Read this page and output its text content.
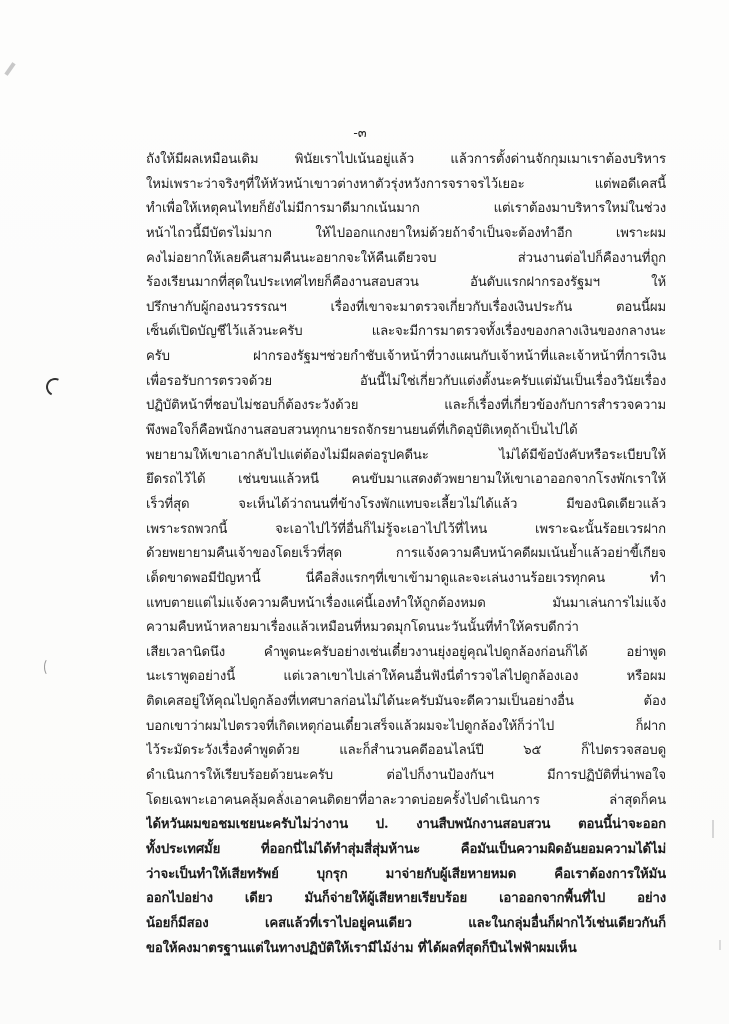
-๓
ถังให้มีผลเหมือนเดิม พินัยเราไปเน้นอยู่แล้ว แล้วการตั้งด่านจักกุมเมาเราต้องบริหาร
ใหม่เพราะว่าจริงๆที่ให้หัวหน้าเขาวต่างหาตัวรุ่งหวังการจราจรไว้เยอะ แต่พอดีเคสนี้
ทำเพื่อให้เหตุคนไทยก็ยังไม่มีการมาดีมากเน้นมาก แต่เราต้องมาบริหารใหม่ในช่วง
หน้าไถวนี้มีบัตรไม่มาก ให้ไปออกแกงยาใหม่ด้วยถ้าจำเป็นจะต้องทำอีก เพราะผม
คงไม่อยากให้เลยคืนสามคืนนะอยากจะให้คืนเดียวจบ ส่วนงานต่อไปก็คืองานที่ถูก
ร้องเรียนมากที่สุดในประเทศไทยก็คืองานสอบสวน อันดับแรกฝากรองรัฐมฯ ให้
ปรึกษากับผู้กองนวรรรณฯ เรื่องที่เขาจะมาตรวจเกี่ยวกับเรื่องเงินประกัน ตอนนี้ผม
เซ็นต์เปิดบัญชีไว้แล้วนะครับ และจะมีการมาตรวจทั้งเรื่องของกลางเงินของกลางนะ
ครับ ฝากรองรัฐมฯช่วยกำชับเจ้าหน้าที่วางแผนกับเจ้าหน้าที่และเจ้าหน้าที่การเงิน
เพื่อรอรับการตรวจด้วย อันนี้ไม่ใช่เกี่ยวกับแต่งตั้งนะครับแต่มันเป็นเรื่องวินัยเรื่อง
ปฏิบัติหน้าที่ชอบไม่ชอบก็ต้องระวังด้วย และก็เรื่องที่เกี่ยวข้องกับการสำรวจความ
พึงพอใจก็คือพนักงานสอบสวนทุกนายรถจักรยานยนต์ที่เกิดอุบัติเหตุถ้าเป็นไปได้
พยายามให้เขาเอากลับไปแต่ต้องไม่มีผลต่อรูปคดีนะ ไม่ได้มีข้อบังคับหรือระเบียบให้
ยึดรถไว้ได้ เช่นขนแล้วหนี คนขับมาแสดงตัวพยายามให้เขาเอาออกจากโรงพักเราให้
เร็วที่สุด จะเห็นได้ว่าถนนที่ข้างโรงพักแทบจะเลี้ยวไม่ได้แล้ว มีของนิดเดียวแล้ว
เพราะรถพวกนี้ จะเอาไปไว้ที่อื่นก็ไม่รู้จะเอาไปไว้ที่ไหน เพราะฉะนั้นร้อยเวรฝาก
ด้วยพยายามคืนเจ้าของโดยเร็วที่สุด การแจ้งความคืบหน้าคดีผมเน้นย้ำแล้วอย่าขี้เกียจ
เด็ดขาดพอมีปัญหานี้ นี่คือสิ่งแรกๆที่เขาเข้ามาดูและจะเล่นงานร้อยเวรทุกคน ทำ
แทบตายแต่ไม่แจ้งความคืบหน้าเรื่องแค่นี้เองทำให้ถูกต้องหมด มันมาเล่นการไม่แจ้ง
ความคืบหน้าหลายมาเรื่องแล้วเหมือนที่หมวดมุกโดนนะวันนั้นที่ทำให้ครบดีกว่า
เสียเวลานิดนึง คำพูดนะครับอย่างเช่นเดี๋ยวงานยุ่งอยู่คุณไปดูกล้องก่อนก็ได้ อย่าพูด
นะเราพูดอย่างนี้ แต่เวลาเขาไปเล่าให้คนอื่นฟังนี่ตำรวจไล่ไปดูกล้องเอง หรือผม
ติดเคสอยู่ให้คุณไปดูกล้องที่เทศบาลก่อนไม่ได้นะครับมันจะดีความเป็นอย่างอื่น ต้อง
บอกเขาว่าผมไปตรวจที่เกิดเหตุก่อนเดี๋ยวเสร็จแล้วผมจะไปดูกล้องให้ก็ว่าไป ก็ฝาก
ไว้ระมัดระวังเรื่องคำพูดด้วย และก็สำนวนคดีออนไลน์ปี ๖๕ ก็ไปตรวจสอบดู
ดำเนินการให้เรียบร้อยด้วยนะครับ ต่อไปก็งานป้องกันฯ มีการปฏิบัติที่น่าพอใจ
โดยเฉพาะเอาคนคลุ้มคลั่งเอาคนติดยาที่อาละวาดบ่อยครั้งไปดำเนินการ ล่าสุดก็คน
ได้หวันผมขอชมเชยนะครับไม่ว่างาน ป. งานสืบพนักงานสอบสวน ตอนนี้น่าจะออก
ทั้งประเทศมั้ย ที่ออกนี่ไม่ได้ทำสุ่มสี่สุ่มห้านะ คือมันเป็นความผิดอันยอมความได้ไม่
ว่าจะเป็นทำให้เสียทรัพย์ บุกรุก มาจ่ายกับผู้เสียหายหมด คือเราต้องการให้มัน
ออกไปอย่าง เดียว มันก็จ่ายให้ผู้เสียหายเรียบร้อย เอาออกจากพื้นที่ไป อย่าง
น้อยก็มีสอง เคสแล้วที่เราไปอยู่คนเดียว และในกลุ่มอื่นก็ฝากไว้เช่นเดียวกันก็
ขอให้คงมาตรฐานแต่ในทางปฏิบัติให้เรามีไม้ง่าม ที่ได้ผลที่สุดก็ปืนไฟฟ้าผมเห็น
